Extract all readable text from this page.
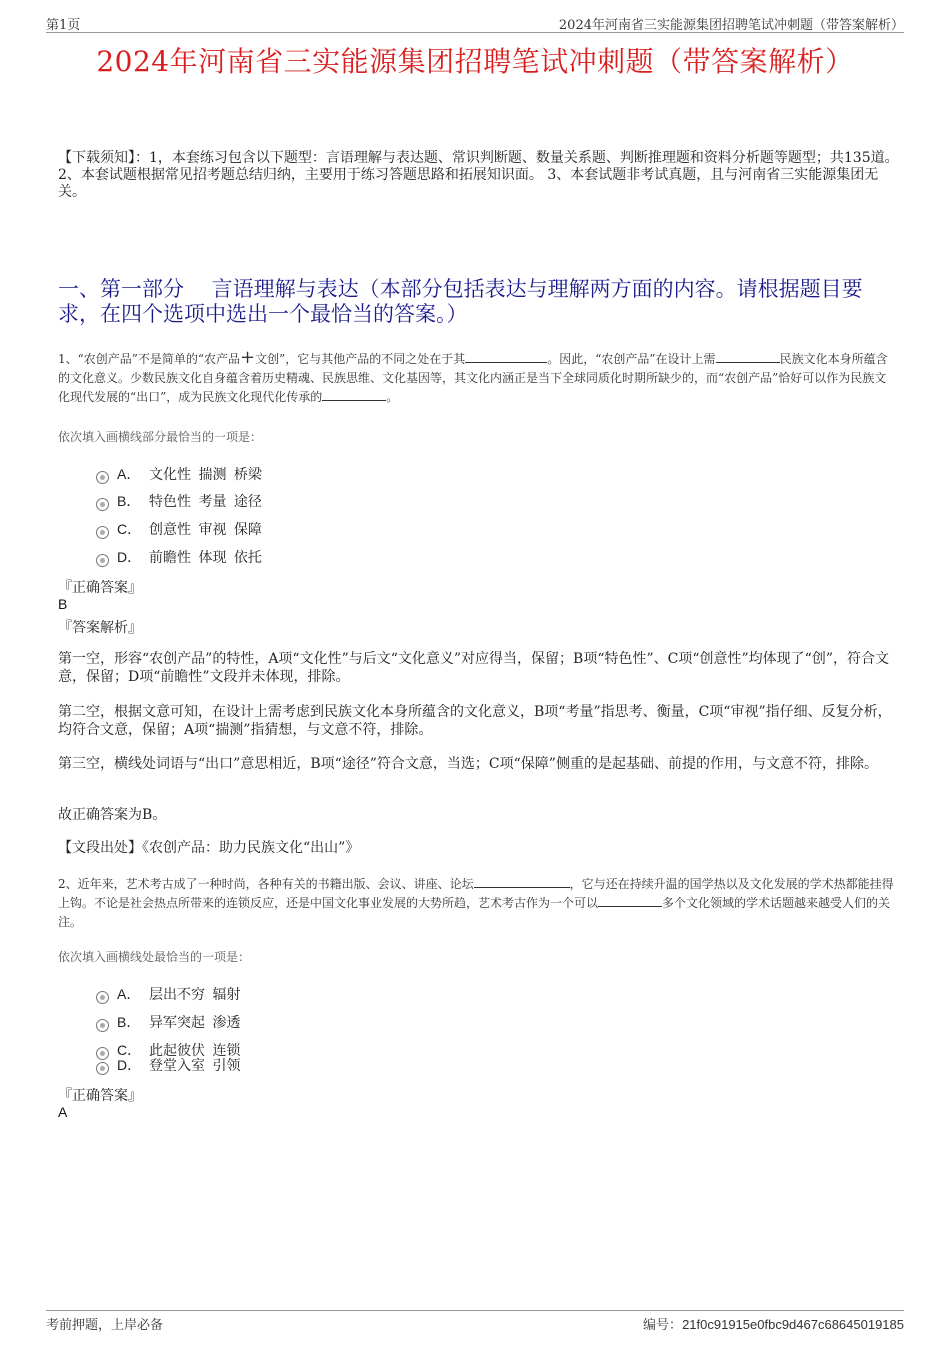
第1页	2024年河南省三实能源集团招聘笔试冲刺题（带答案解析）
2024年河南省三实能源集团招聘笔试冲刺题（带答案解析）
【下载须知】：1，本套练习包含以下题型：言语理解与表达题、常识判断题、数量关系题、判断推理题和资料分析题等题型；共135道。 2、本套试题根据常见招考题总结归纳，主要用于练习答题思路和拓展知识面。 3、本套试题非考试真题，且与河南省三实能源集团无关。
一、第一部分　 言语理解与表达（本部分包括表达与理解两方面的内容。请根据题目要求，在四个选项中选出一个最恰当的答案。）
1、“农创产品”不是简单的“农产品+文创”，它与其他产品的不同之处在于其	。因此，“农创产品”在设计上需	民族文化本身所蕴含的文化意义。少数民族文化自身蕴含着历史精魂、民族思维、文化基因等，其文化内涵正是当下全球同质化时期所缺少的，而“农创产品”恰好可以作为民族文化现代发展的“出口”，成为民族文化现代化传承的	。
依次填入画横线部分最恰当的一项是：
A． 文化性 揣测 桥梁
B． 特色性 考量 途径
C． 创意性 审视 保障
D． 前瞻性 体现 依托
『正确答案』
B
『答案解析』
第一空，形容“农创产品”的特性，A项“文化性”与后文“文化意义”对应得当，保留；B项“特色性”、C项“创意性”均体现了“创”，符合文意，保留；D项“前瞻性”文段并未体现，排除。
第二空，根据文意可知，在设计上需考虑到民族文化本身所蕴含的文化意义，B项“考量”指思考、衡量，C项“审视”指仔细、反复分析，均符合文意，保留；A项“揣测”指猜想，与文意不符，排除。
第三空，横线处词语与“出口”意思相近，B项“途径”符合文意，当选；C项“保障”侧重的是起基础、前提的作用，与文意不符，排除。
故正确答案为B。
【文段出处】《农创产品：助力民族文化“出山”》
2、近年来，艺术考古成了一种时尚，各种有关的书籍出版、会议、讲座、论坛	，它与还在持续升温的国学热以及文化发展的学术热都能挂得上钩。不论是社会热点所带来的连锁反应，还是中国文化事业发展的大势所趋，艺术考古作为一个可以	多个文化领域的学术话题越来越受人们的关注。
依次填入画横线处最恰当的一项是：
A． 层出不穷 辐射
B． 异军突起 渗透
C． 此起彼伏 连锁
D． 登堂入室 引领
『正确答案』
A
考前押题，上岸必备	编号：21f0c91915e0fbc9d467c68645019185
